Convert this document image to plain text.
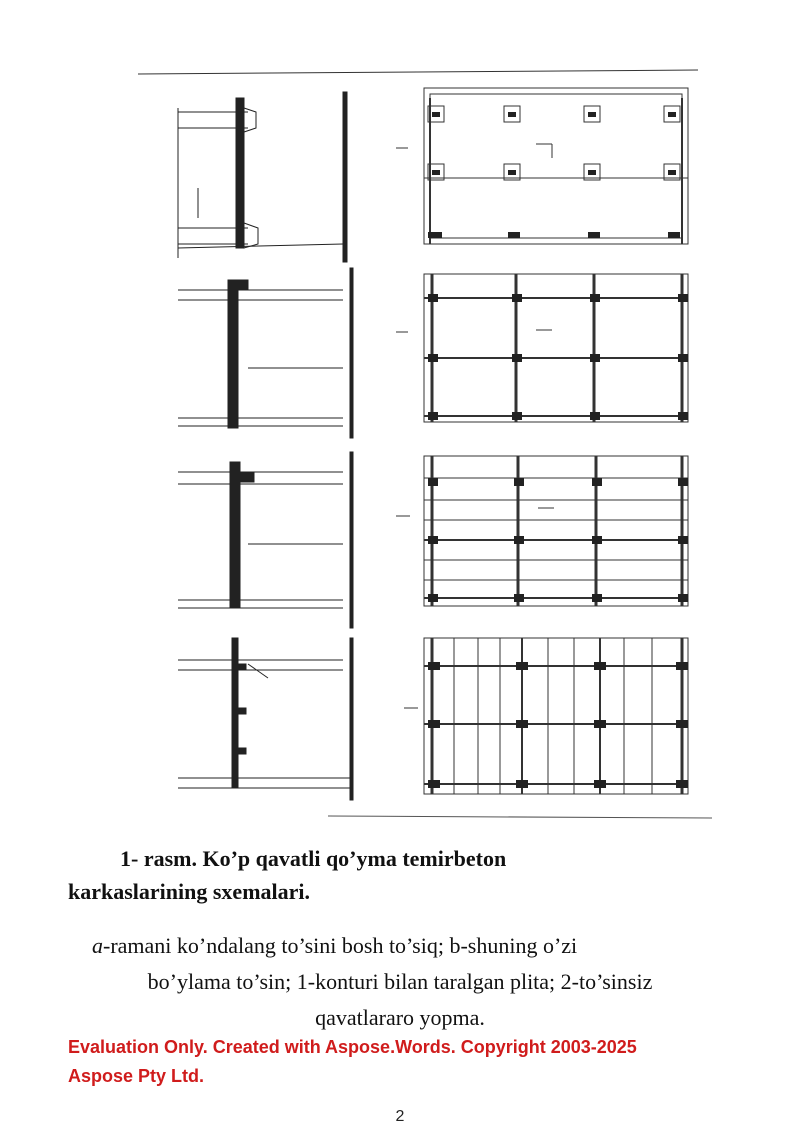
1- rasm. Ko’p qavatli qo’yma temirbeton
karkaslarining sxemalari.
a-ramani ko’ndalang to’sini bosh to’siq; b-shuning o’zi
bo’ylama to’sin; 1-konturi bilan taralgan plita; 2-to’sinsiz
qavatlararo yopma.
Evaluation Only. Created with Aspose.Words. Copyright 2003-2025
Aspose Pty Ltd.
2
